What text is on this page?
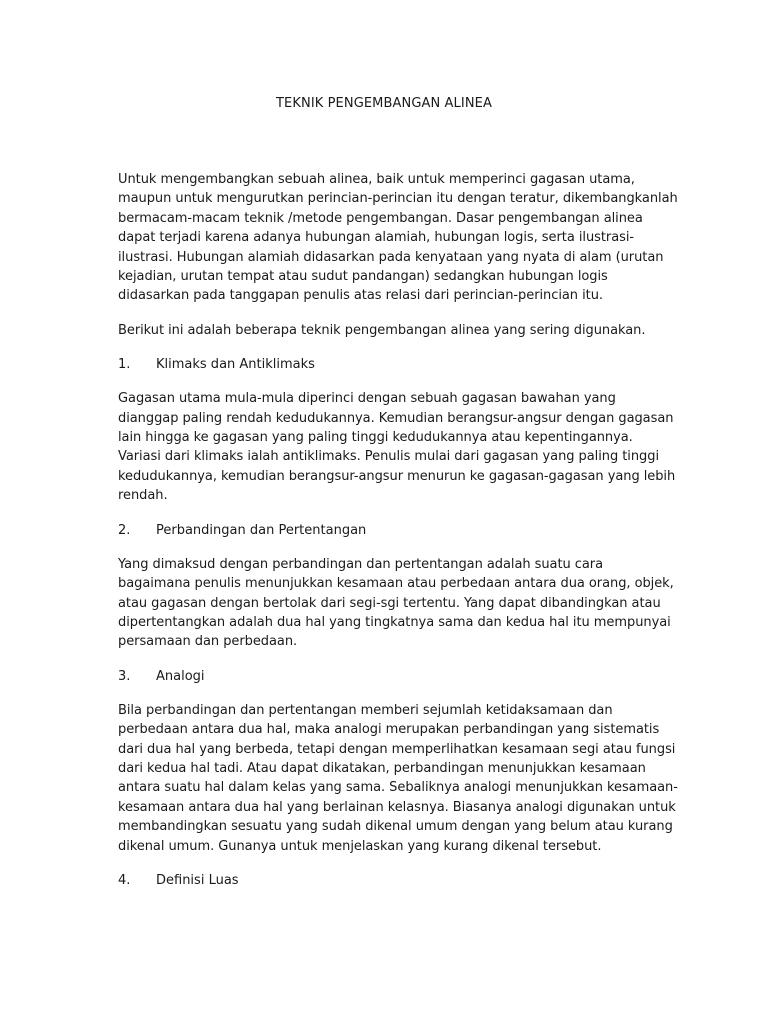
TEKNIK PENGEMBANGAN ALINEA

Untuk mengembangkan sebuah alinea, baik untuk memperinci gagasan utama, maupun untuk mengurutkan perincian-perincian itu dengan teratur, dikembangkanlah bermacam-macam teknik /metode pengembangan. Dasar pengembangan alinea dapat terjadi karena adanya hubungan alamiah, hubungan logis, serta ilustrasi-ilustrasi. Hubungan alamiah didasarkan pada kenyataan yang nyata di alam (urutan kejadian, urutan tempat atau sudut pandangan) sedangkan hubungan logis didasarkan pada tanggapan penulis atas relasi dari perincian-perincian itu.

Berikut ini adalah beberapa teknik pengembangan alinea yang sering digunakan.

1.	Klimaks dan Antiklimaks

Gagasan utama mula-mula diperinci dengan sebuah gagasan bawahan yang dianggap paling rendah kedudukannya. Kemudian berangsur-angsur dengan gagasan lain hingga ke gagasan yang paling tinggi kedudukannya atau kepentingannya. Variasi dari klimaks ialah antiklimaks. Penulis mulai dari gagasan yang paling tinggi kedudukannya, kemudian berangsur-angsur menurun ke gagasan-gagasan yang lebih rendah.

2.	Perbandingan dan Pertentangan

Yang dimaksud dengan perbandingan dan pertentangan adalah suatu cara bagaimana penulis menunjukkan kesamaan atau perbedaan antara dua orang, objek, atau gagasan dengan bertolak dari segi-sgi tertentu. Yang dapat dibandingkan atau dipertentangkan adalah dua hal yang tingkatnya sama dan kedua hal itu mempunyai persamaan dan perbedaan.

3.	Analogi

Bila perbandingan dan pertentangan memberi sejumlah ketidaksamaan dan perbedaan antara dua hal, maka analogi merupakan perbandingan yang sistematis dari dua hal yang berbeda, tetapi dengan memperlihatkan kesamaan segi atau fungsi dari kedua hal tadi. Atau dapat dikatakan, perbandingan menunjukkan kesamaan antara suatu hal dalam kelas yang sama. Sebaliknya analogi menunjukkan kesamaan-kesamaan antara dua hal yang berlainan kelasnya. Biasanya analogi digunakan untuk membandingkan sesuatu yang sudah dikenal umum dengan yang belum atau kurang dikenal umum. Gunanya untuk menjelaskan yang kurang dikenal tersebut.

4.	Definisi Luas
